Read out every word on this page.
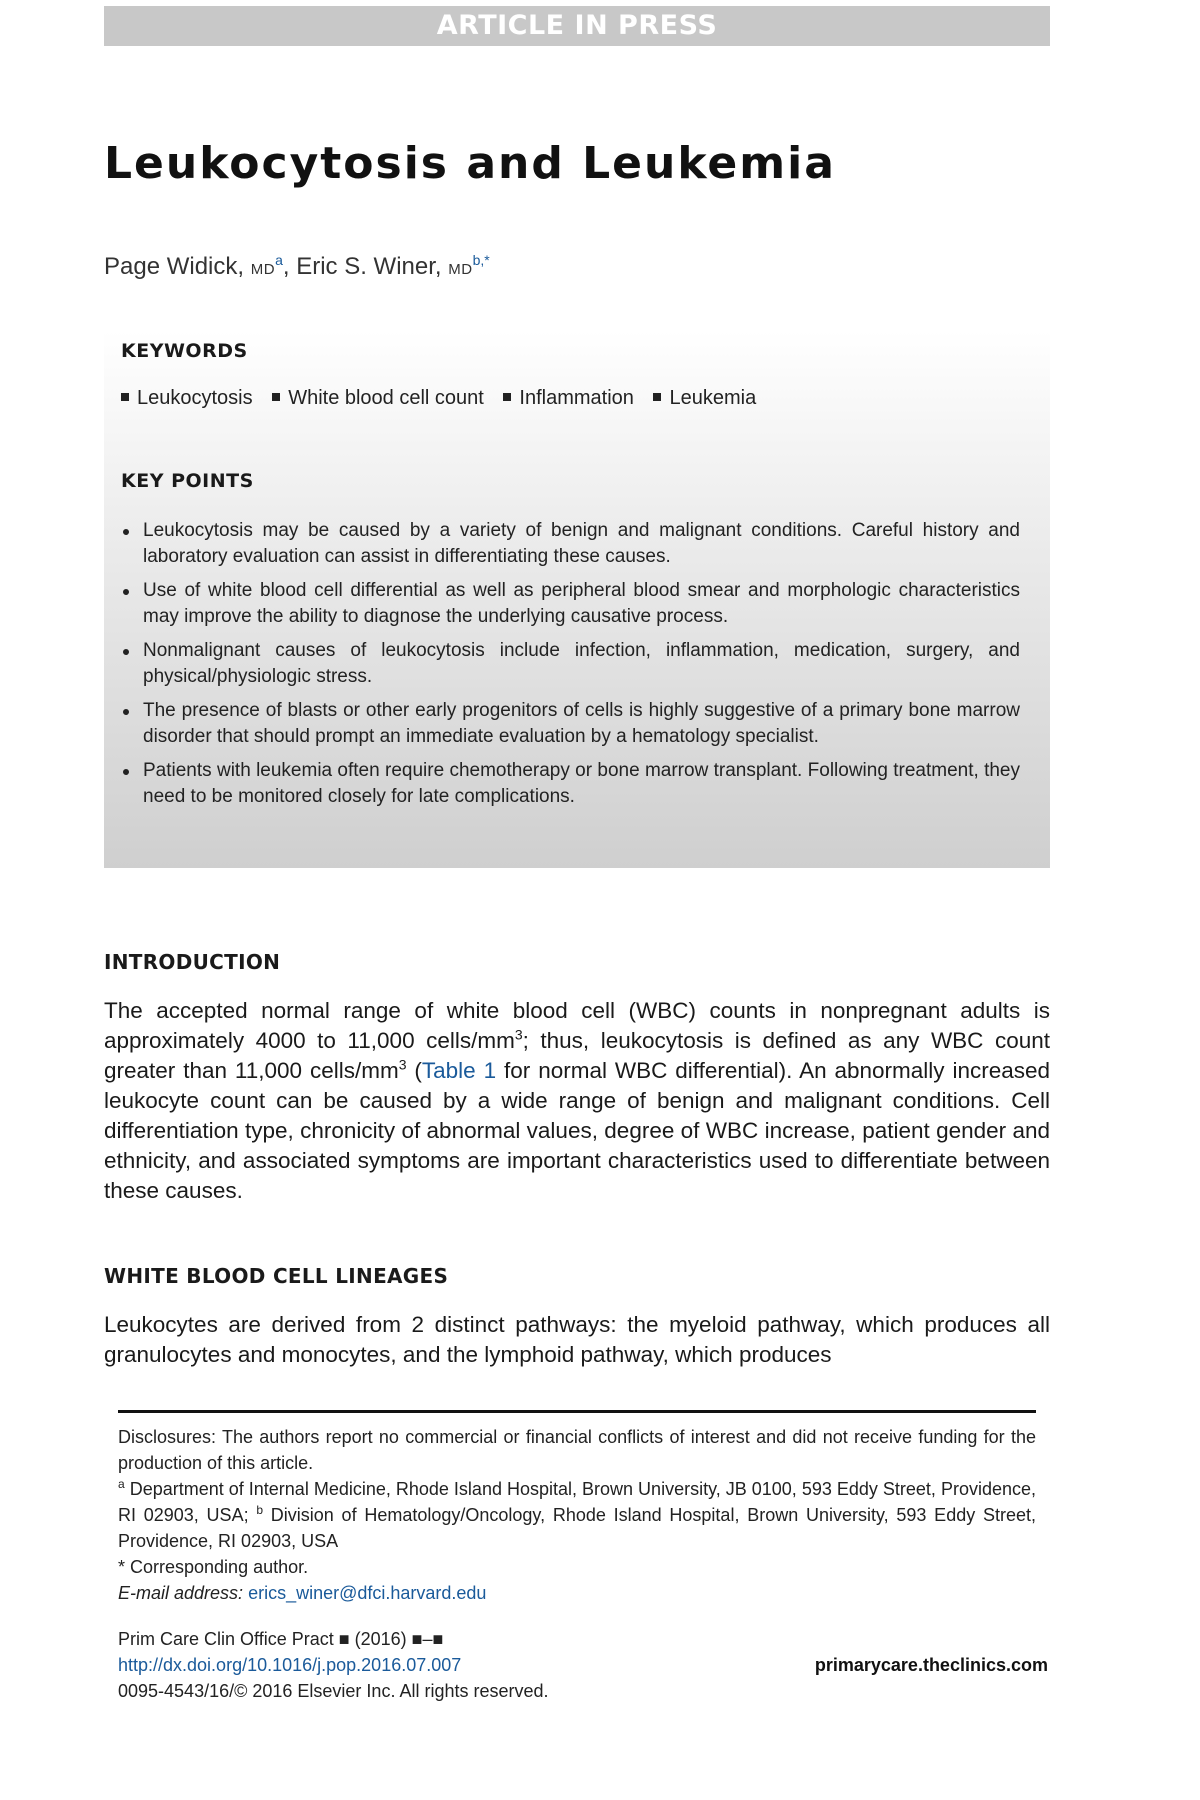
ARTICLE IN PRESS
Leukocytosis and Leukemia
Page Widick, $MD^a$, Eric S. Winer, $MD^{b,*}$
KEYWORDS
Leukocytosis White blood cell count Inflammation Leukemia
KEY POINTS
Leukocytosis may be caused by a variety of benign and malignant conditions. Careful history and laboratory evaluation can assist in differentiating these causes.
Use of white blood cell differential as well as peripheral blood smear and morphologic characteristics may improve the ability to diagnose the underlying causative process.
Nonmalignant causes of leukocytosis include infection, inflammation, medication, surgery, and physical/physiologic stress.
The presence of blasts or other early progenitors of cells is highly suggestive of a primary bone marrow disorder that should prompt an immediate evaluation by a hematology specialist.
Patients with leukemia often require chemotherapy or bone marrow transplant. Following treatment, they need to be monitored closely for late complications.
INTRODUCTION

The accepted normal range of white blood cell (WBC) counts in nonpregnant adults is approximately 4000 to 11,000 cells/$mm^3$; thus, leukocytosis is defined as any WBC count greater than 11,000 cells/$mm^3$ (Table 1 for normal WBC differential). An abnormally increased leukocyte count can be caused by a wide range of benign and malignant conditions. Cell differentiation type, chronicity of abnormal values, degree of WBC increase, patient gender and ethnicity, and associated symptoms are important characteristics used to differentiate between these causes.

WHITE BLOOD CELL LINEAGES

Leukocytes are derived from 2 distinct pathways: the myeloid pathway, which produces all granulocytes and monocytes, and the lymphoid pathway, which produces

Disclosures: The authors report no commercial or financial conflicts of interest and did not receive funding for the production of this article.

$^a$ Department of Internal Medicine, Rhode Island Hospital, Brown University, JB 0100, 593 Eddy Street, Providence, RI 02903, USA; $^b$ Division of Hematology/Oncology, Rhode Island Hospital, Brown University, 593 Eddy Street, Providence, RI 02903, USA

* Corresponding author.

E-mail address: erics_winer@dfci.harvard.edu

Prim Care Clin Office Pract ■ (2016) ■–■
http://dx.doi.org/10.1016/j.pop.2016.07.007
0095-4543/16/© 2016 Elsevier Inc. All rights reserved.
primarycare.theclinics.com
